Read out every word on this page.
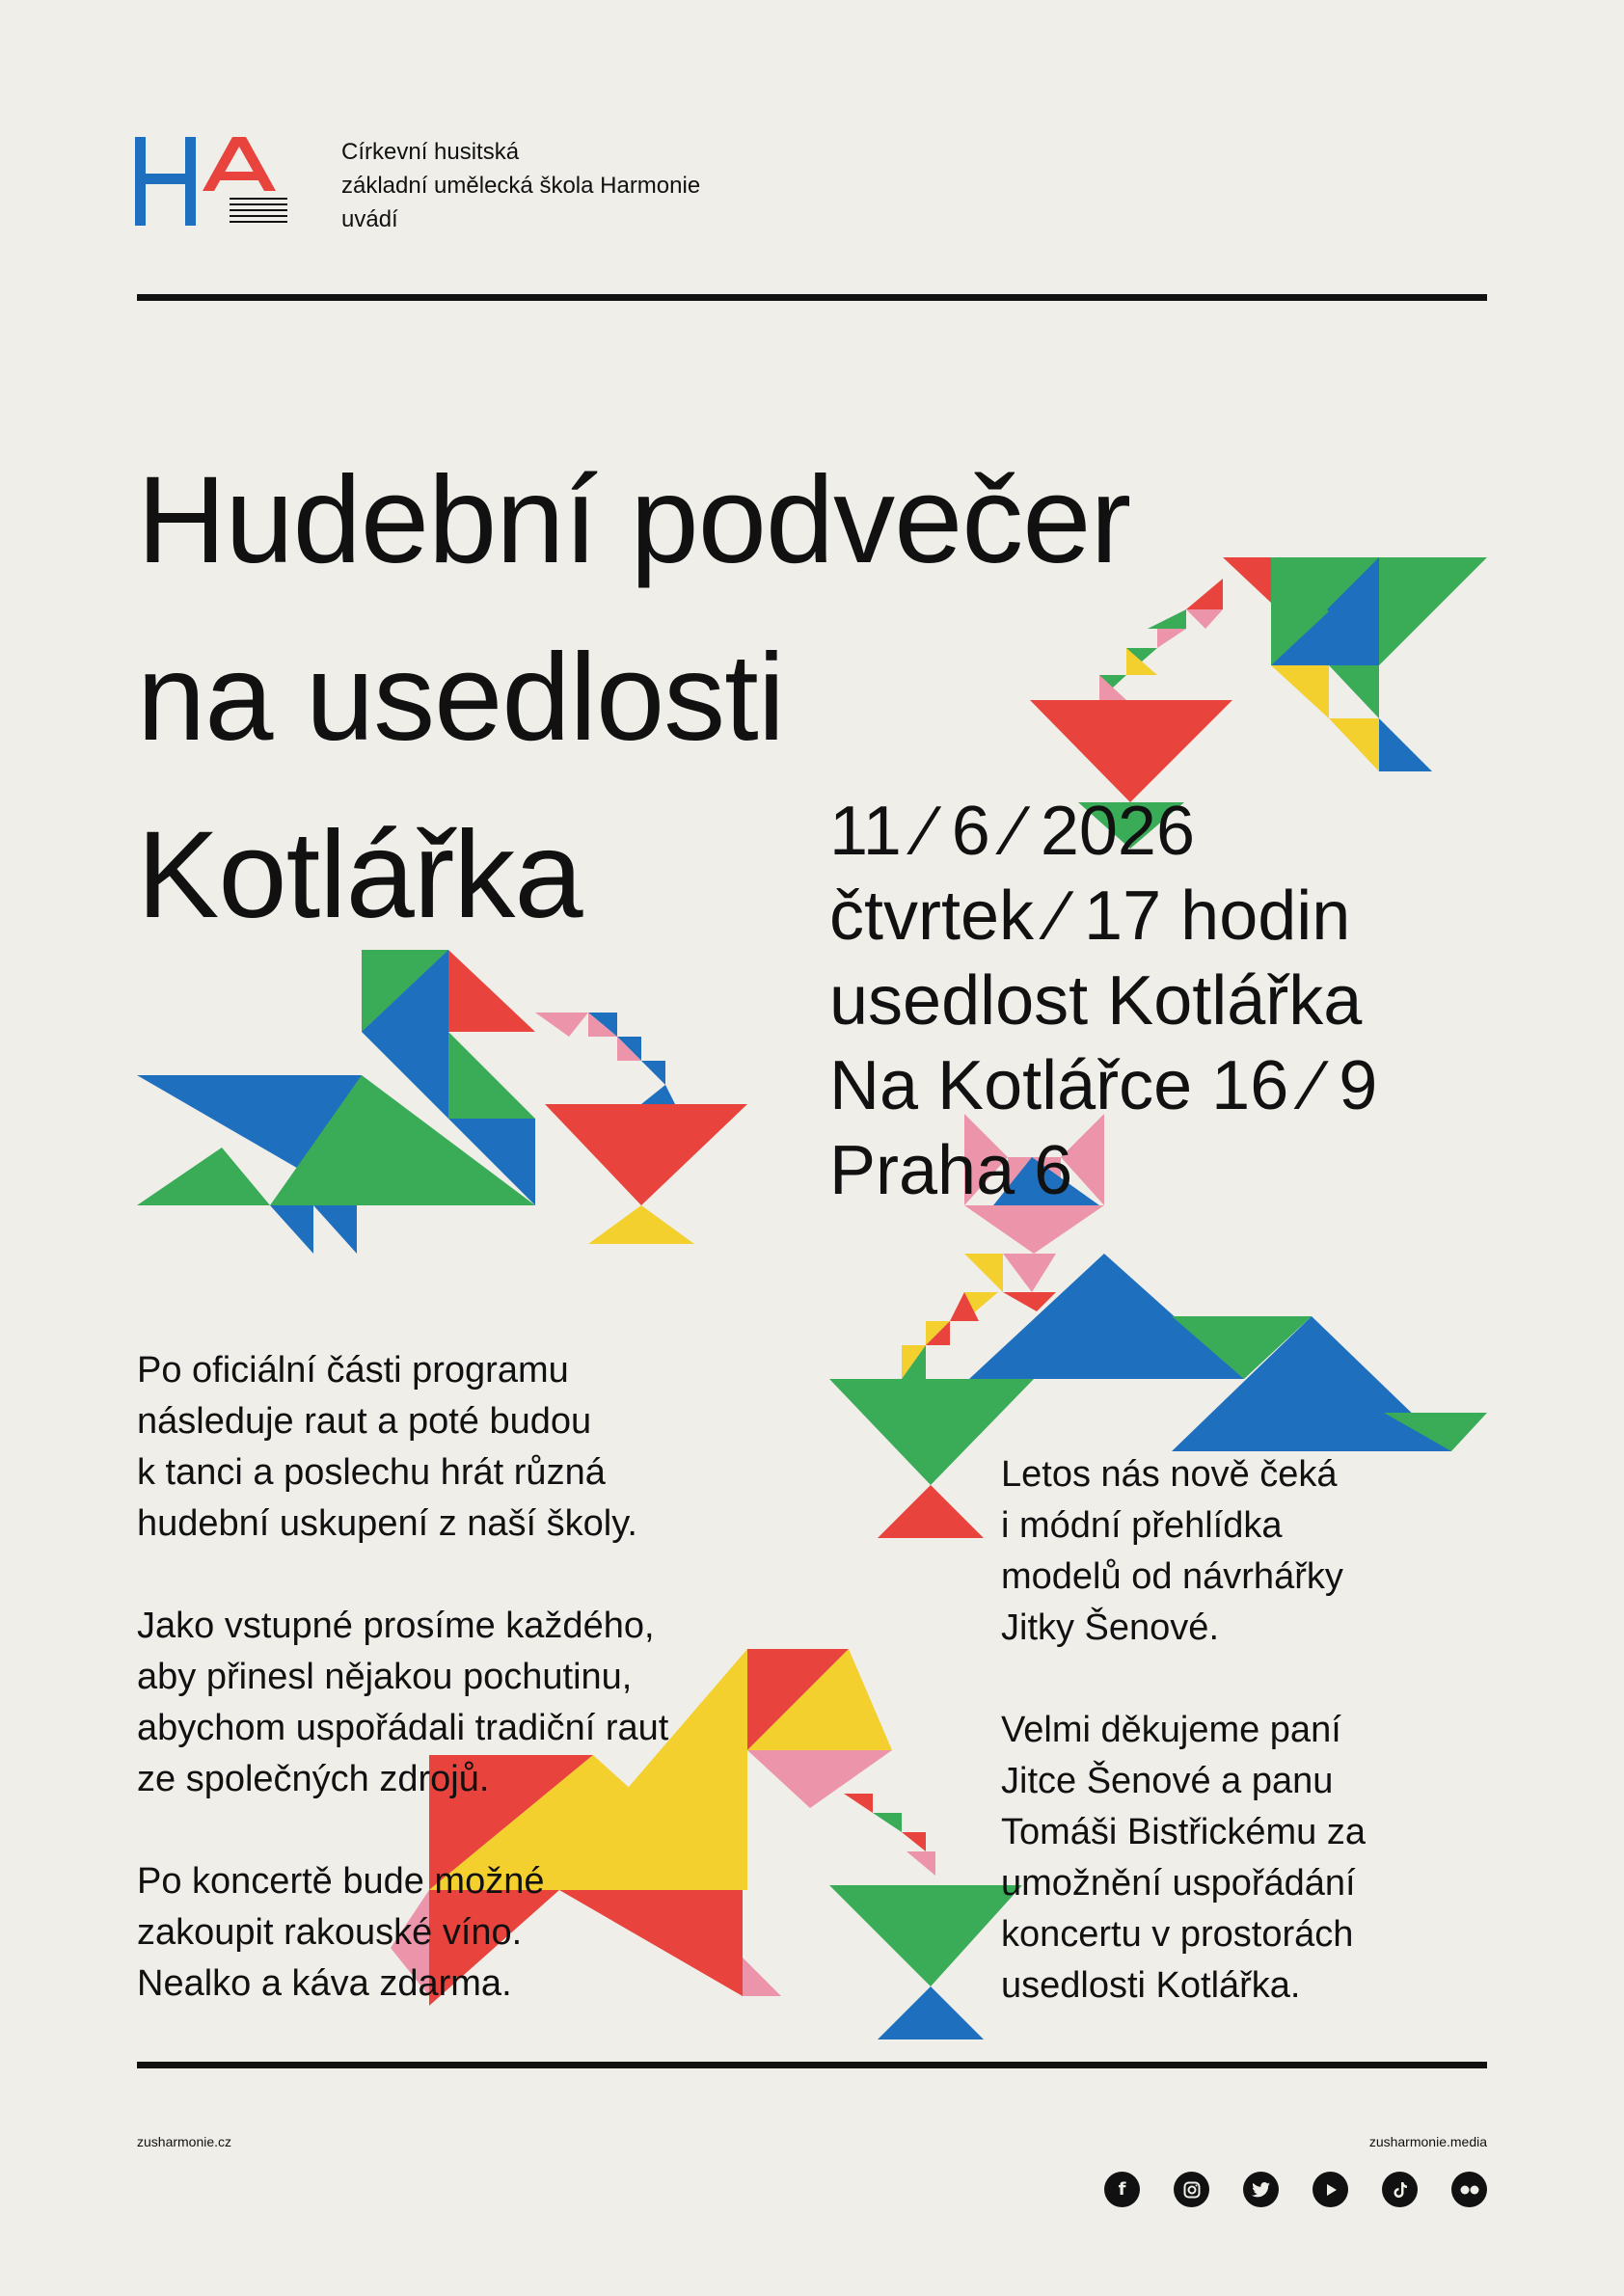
Církevní husitská
základní umělecká škola Harmonie
uvádí
Hudební podvečer
na usedlosti
Kotlářka	11 ⁄ 6 ⁄ 2026
čtvrtek ⁄ 17 hodin
usedlost Kotlářka
Na Kotlářce 16 ⁄ 9
Praha 6

Po oficiální části programu
následuje raut a poté budou
k tanci a poslechu hrát různá
hudební uskupení z naší školy.

Jako vstupné prosíme každého,
aby přinesl nějakou pochutinu,
abychom uspořádali tradiční raut
ze společných zdrojů.

Po koncertě bude možné
zakoupit rakouské víno.
Nealko a káva zdarma.

Letos nás nově čeká
i módní přehlídka
modelů od návrhářky
Jitky Šenové.

Velmi děkujeme paní
Jitce Šenové a panu
Tomáši Bistřickému za
umožnění uspořádání
koncertu v prostorách
usedlosti Kotlářka.

zusharmonie.cz	zusharmonie.media
f
